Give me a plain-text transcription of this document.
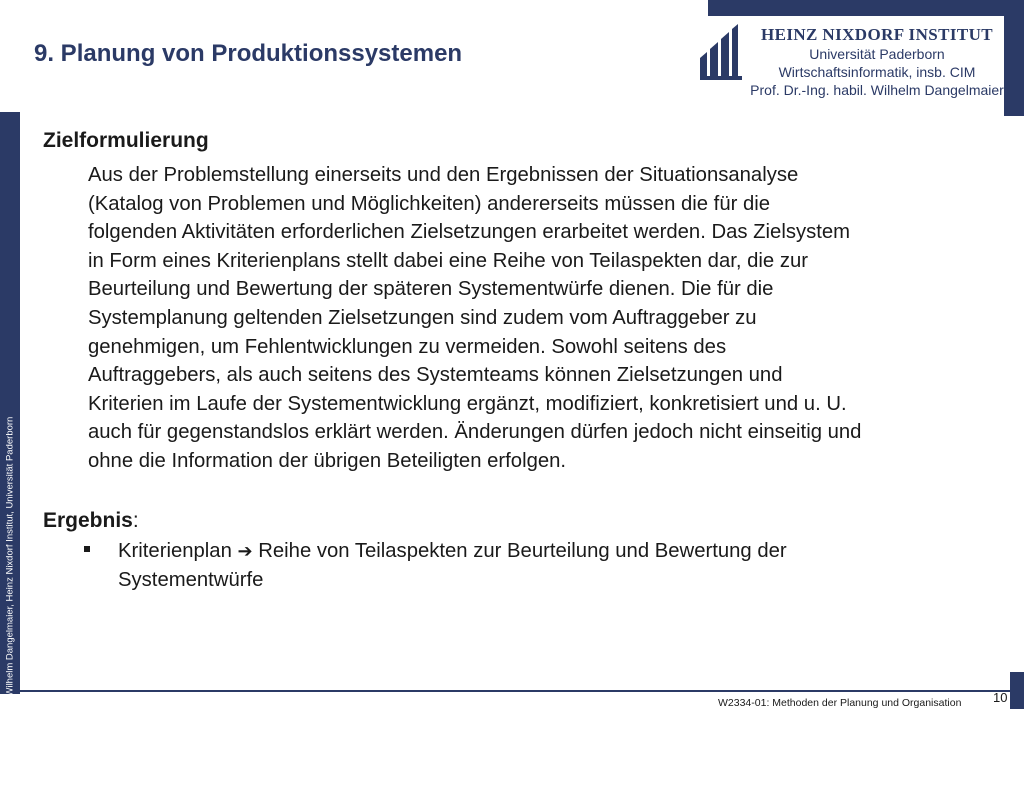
© Prof. Dr.-Ing habil. Wilhelm Dangelmaier, Heinz Nixdorf Institut, Universität Paderborn
9. Planung von Produktionssystemen
HEINZ NIXDORF INSTITUT
Universität Paderborn
Wirtschaftsinformatik, insb. CIM
Prof. Dr.-Ing. habil. Wilhelm Dangelmaier
Zielformulierung
Aus der Problemstellung einerseits und den Ergebnissen der Situationsanalyse
(Katalog von Problemen und Möglichkeiten) andererseits müssen die für die
folgenden Aktivitäten erforderlichen Zielsetzungen erarbeitet werden. Das Zielsystem
in Form eines Kriterienplans stellt dabei eine Reihe von Teilaspekten dar, die zur
Beurteilung und Bewertung der späteren Systementwürfe dienen. Die für die
Systemplanung geltenden Zielsetzungen sind zudem vom Auftraggeber zu
genehmigen, um Fehlentwicklungen zu vermeiden. Sowohl seitens des
Auftraggebers, als auch seitens des Systemteams können Zielsetzungen und
Kriterien im Laufe der Systementwicklung ergänzt, modifiziert, konkretisiert und u. U.
auch für gegenstandslos erklärt werden. Änderungen dürfen jedoch nicht einseitig und
ohne die Information der übrigen Beteiligten erfolgen.
Ergebnis:
Kriterienplan ➔ Reihe von Teilaspekten zur Beurteilung und Bewertung der
Systementwürfe
W2334-01: Methoden der Planung und Organisation 10
